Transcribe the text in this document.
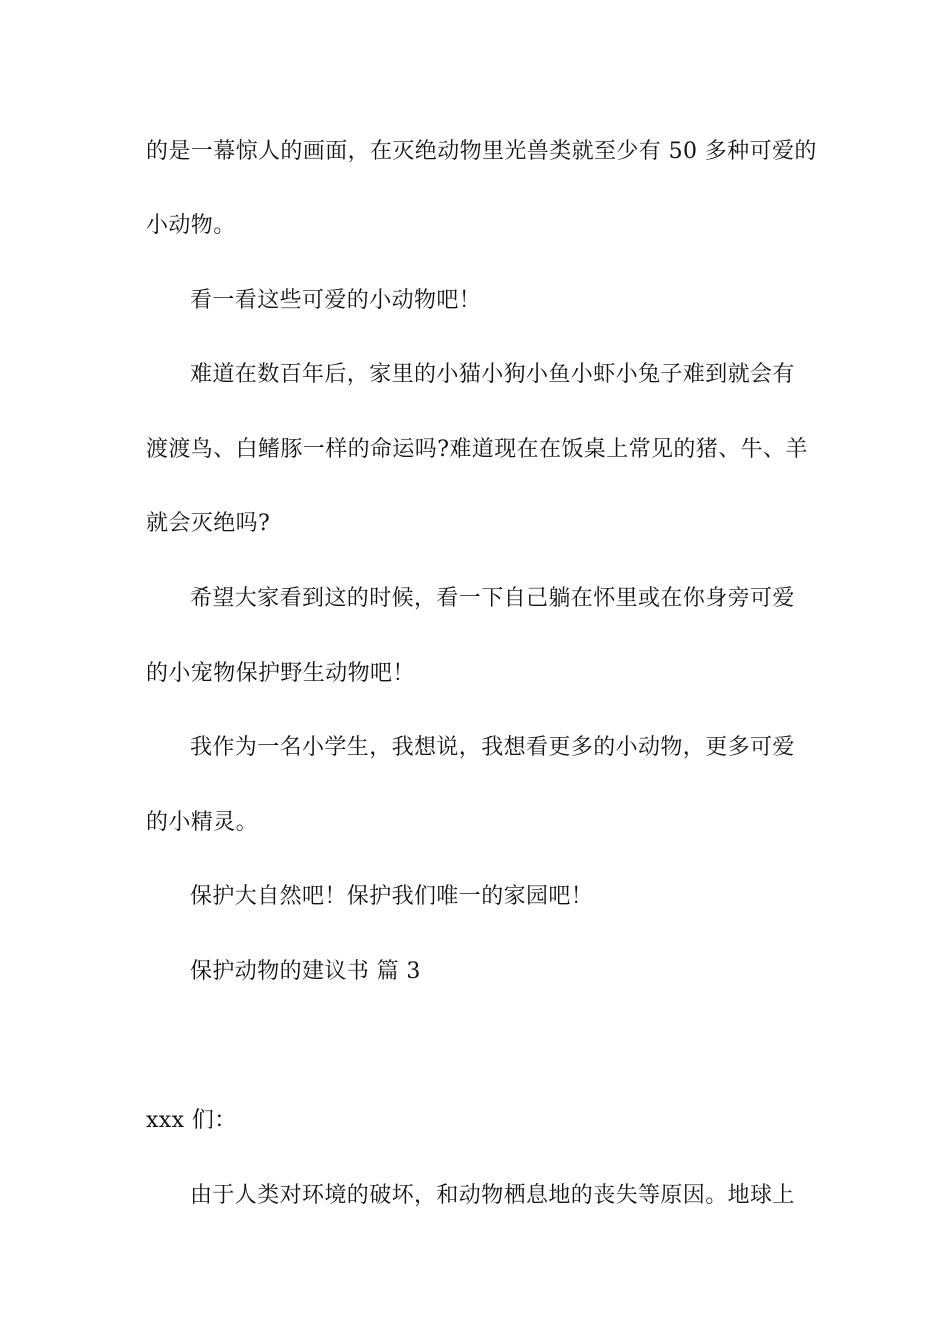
的是一幕惊人的画面，在灭绝动物里光兽类就至少有 50 多种可爱的
小动物。
看一看这些可爱的小动物吧！
难道在数百年后，家里的小猫小狗小鱼小虾小兔子难到就会有
渡渡鸟、白鳍豚一样的命运吗?难道现在在饭桌上常见的猪、牛、羊
就会灭绝吗?
希望大家看到这的时候，看一下自己躺在怀里或在你身旁可爱
的小宠物保护野生动物吧！
我作为一名小学生，我想说，我想看更多的小动物，更多可爱
的小精灵。
保护大自然吧！保护我们唯一的家园吧！
保护动物的建议书 篇 3
xxx 们：
由于人类对环境的破坏，和动物栖息地的丧失等原因。地球上
